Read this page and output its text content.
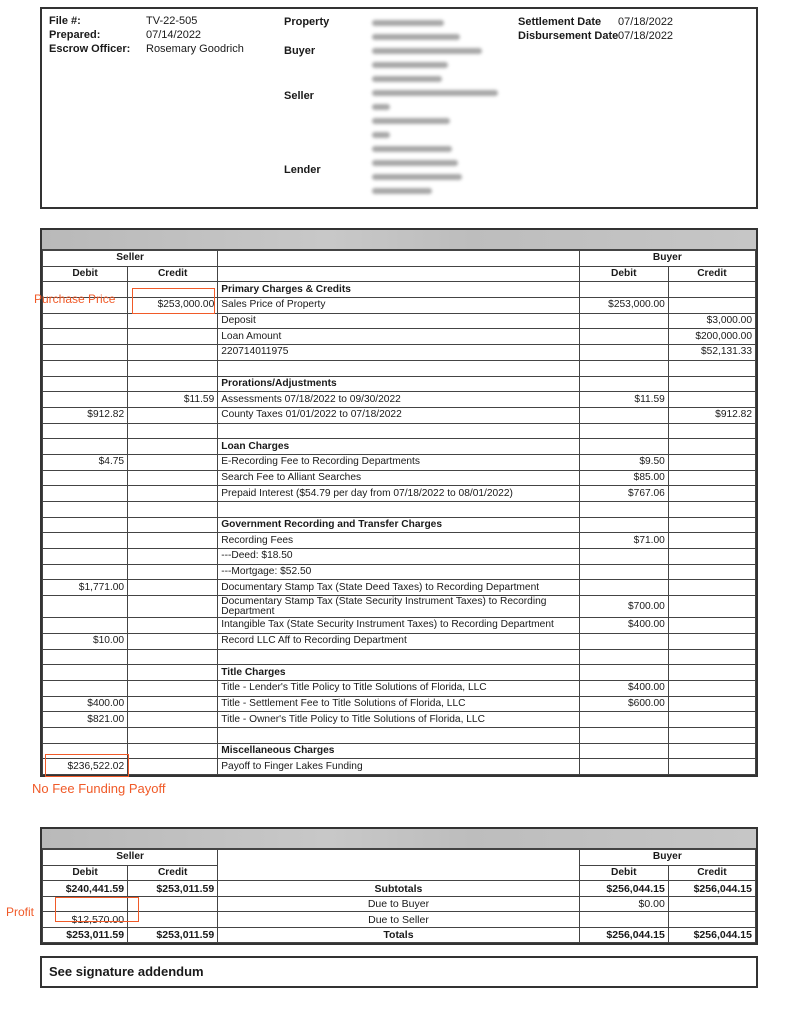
File #:	TV-22-505
Prepared:	07/14/2022
Escrow Officer: Rosemary Goodrich
Property
Buyer
Seller
Lender
Settlement Date 07/18/2022
Disbursement Date 07/18/2022
Seller			Buyer	
Debit	Credit		Debit	Credit
		Primary Charges & Credits		
	$253,000.00	Sales Price of Property	$253,000.00	
		Deposit		$3,000.00
		Loan Amount		$200,000.00
		220714011975		$52,131.33

		Prorations/Adjustments		
	$11.59	Assessments 07/18/2022 to 09/30/2022	$11.59	
$912.82		County Taxes 01/01/2022 to 07/18/2022		$912.82

		Loan Charges		
$4.75		E-Recording Fee to Recording Departments	$9.50	
		Search Fee to Alliant Searches	$85.00	
		Prepaid Interest ($54.79 per day from 07/18/2022 to 08/01/2022)	$767.06	

		Government Recording and Transfer Charges		
		Recording Fees	$71.00	
		---Deed: $18.50		
		---Mortgage: $52.50		
$1,771.00		Documentary Stamp Tax (State Deed Taxes) to Recording Department		
		Documentary Stamp Tax (State Security Instrument Taxes) to Recording Department	$700.00	
		Intangible Tax (State Security Instrument Taxes) to Recording Department	$400.00	
$10.00		Record LLC Aff to Recording Department		

		Title Charges		
		Title - Lender's Title Policy to Title Solutions of Florida, LLC	$400.00	
$400.00		Title - Settlement Fee to Title Solutions of Florida, LLC	$600.00	
$821.00		Title - Owner's Title Policy to Title Solutions of Florida, LLC		

		Miscellaneous Charges		
$236,522.02		Payoff to Finger Lakes Funding		
Seller			Buyer	
Debit	Credit		Debit	Credit
$240,441.59	$253,011.59	Subtotals	$256,044.15	$256,044.15
		Due to Buyer	$0.00	
$12,570.00		Due to Seller		
$253,011.59	$253,011.59	Totals	$256,044.15	$256,044.15
See signature addendum
Purchase Price
No Fee Funding Payoff
Profit
